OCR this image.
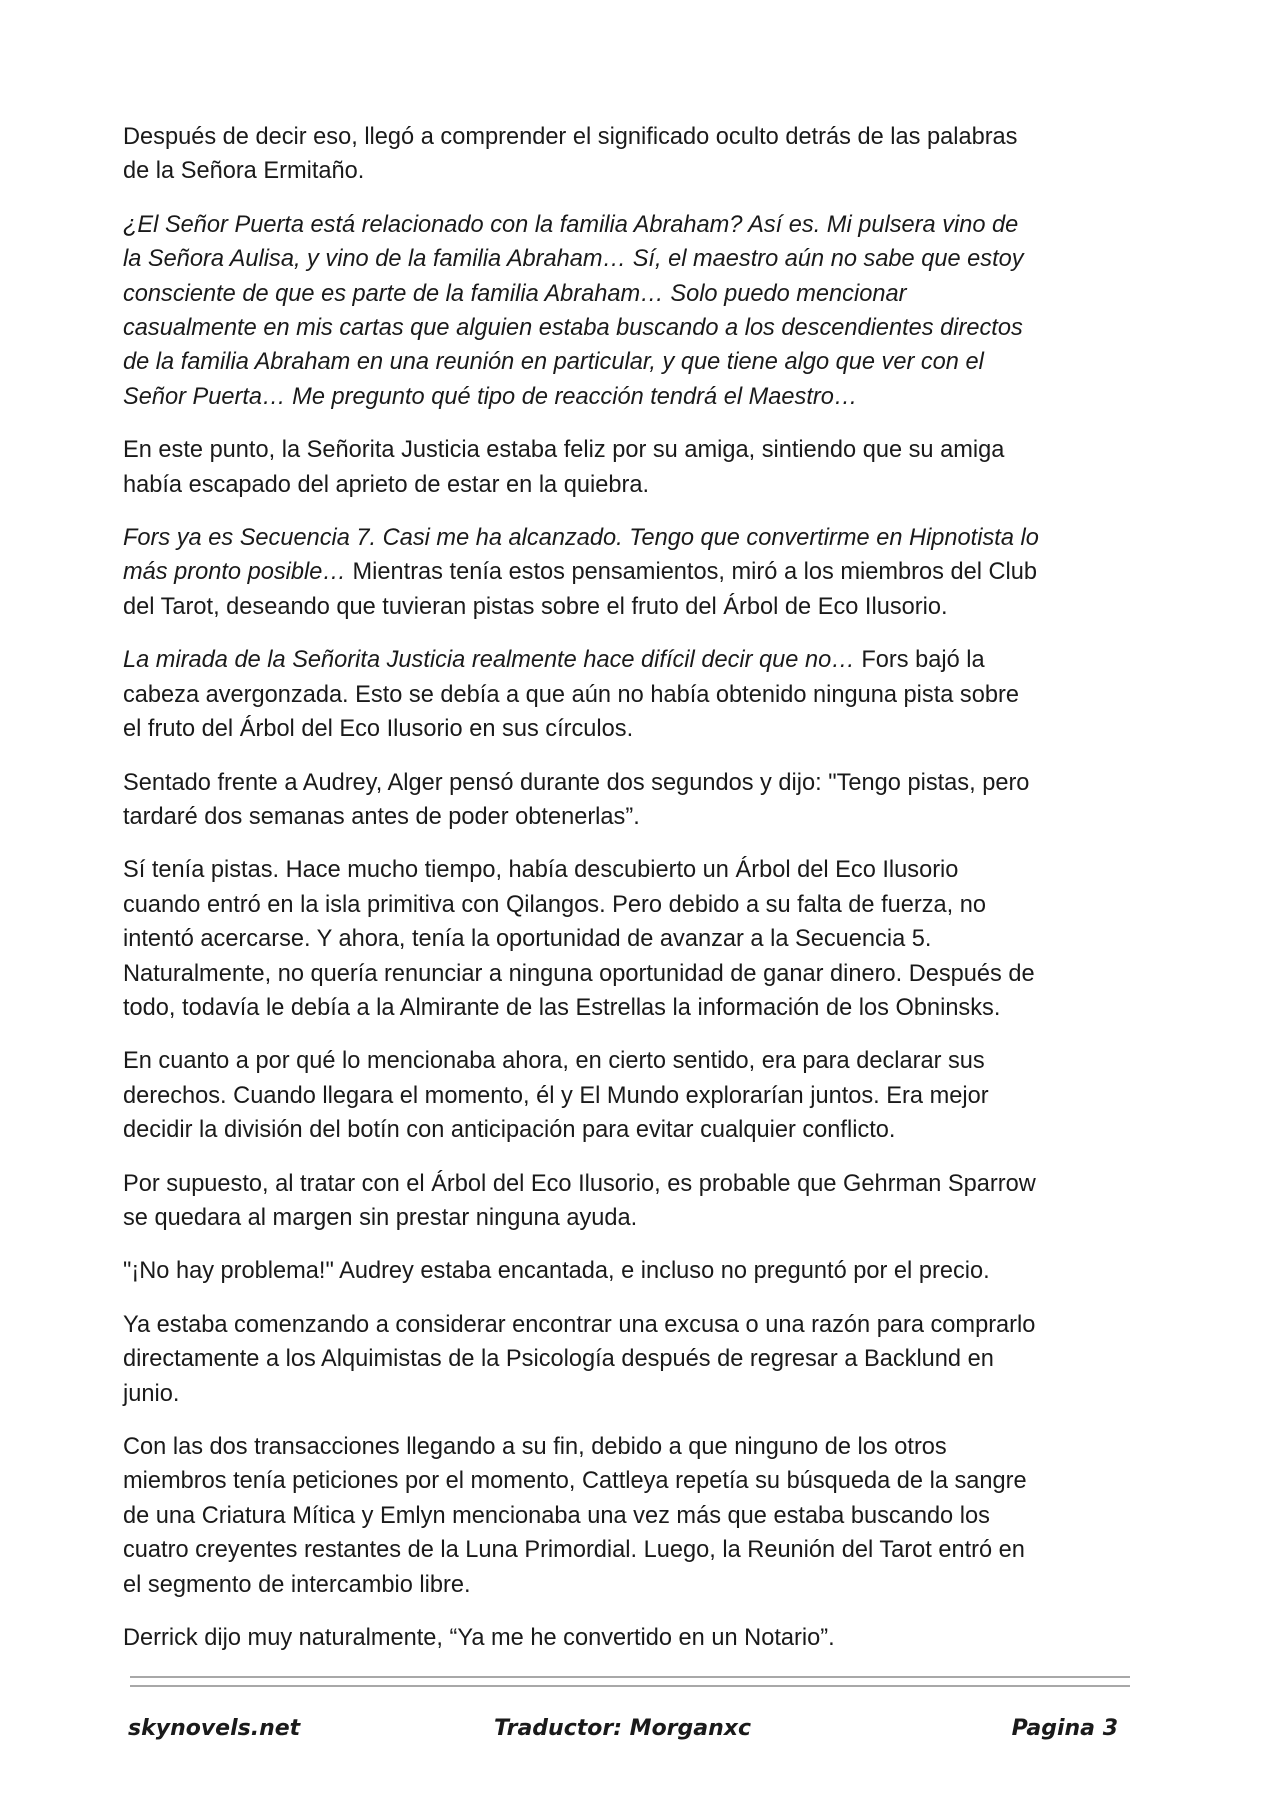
Después de decir eso, llegó a comprender el significado oculto detrás de las palabras
de la Señora Ermitaño.

¿El Señor Puerta está relacionado con la familia Abraham? Así es. Mi pulsera vino de
la Señora Aulisa, y vino de la familia Abraham… Sí, el maestro aún no sabe que estoy
consciente de que es parte de la familia Abraham… Solo puedo mencionar
casualmente en mis cartas que alguien estaba buscando a los descendientes directos
de la familia Abraham en una reunión en particular, y que tiene algo que ver con el
Señor Puerta… Me pregunto qué tipo de reacción tendrá el Maestro…

En este punto, la Señorita Justicia estaba feliz por su amiga, sintiendo que su amiga
había escapado del aprieto de estar en la quiebra.

Fors ya es Secuencia 7. Casi me ha alcanzado. Tengo que convertirme en Hipnotista lo
más pronto posible… Mientras tenía estos pensamientos, miró a los miembros del Club
del Tarot, deseando que tuvieran pistas sobre el fruto del Árbol de Eco Ilusorio.

La mirada de la Señorita Justicia realmente hace difícil decir que no… Fors bajó la
cabeza avergonzada. Esto se debía a que aún no había obtenido ninguna pista sobre
el fruto del Árbol del Eco Ilusorio en sus círculos.

Sentado frente a Audrey, Alger pensó durante dos segundos y dijo: "Tengo pistas, pero
tardaré dos semanas antes de poder obtenerlas”.

Sí tenía pistas. Hace mucho tiempo, había descubierto un Árbol del Eco Ilusorio
cuando entró en la isla primitiva con Qilangos. Pero debido a su falta de fuerza, no
intentó acercarse. Y ahora, tenía la oportunidad de avanzar a la Secuencia 5.
Naturalmente, no quería renunciar a ninguna oportunidad de ganar dinero. Después de
todo, todavía le debía a la Almirante de las Estrellas la información de los Obninsks.

En cuanto a por qué lo mencionaba ahora, en cierto sentido, era para declarar sus
derechos. Cuando llegara el momento, él y El Mundo explorarían juntos. Era mejor
decidir la división del botín con anticipación para evitar cualquier conflicto.

Por supuesto, al tratar con el Árbol del Eco Ilusorio, es probable que Gehrman Sparrow
se quedara al margen sin prestar ninguna ayuda.

"¡No hay problema!" Audrey estaba encantada, e incluso no preguntó por el precio.

Ya estaba comenzando a considerar encontrar una excusa o una razón para comprarlo
directamente a los Alquimistas de la Psicología después de regresar a Backlund en
junio.

Con las dos transacciones llegando a su fin, debido a que ninguno de los otros
miembros tenía peticiones por el momento, Cattleya repetía su búsqueda de la sangre
de una Criatura Mítica y Emlyn mencionaba una vez más que estaba buscando los
cuatro creyentes restantes de la Luna Primordial. Luego, la Reunión del Tarot entró en
el segmento de intercambio libre.

Derrick dijo muy naturalmente, “Ya me he convertido en un Notario”.

skynovels.net	Traductor: Morganxc	Pagina 3
